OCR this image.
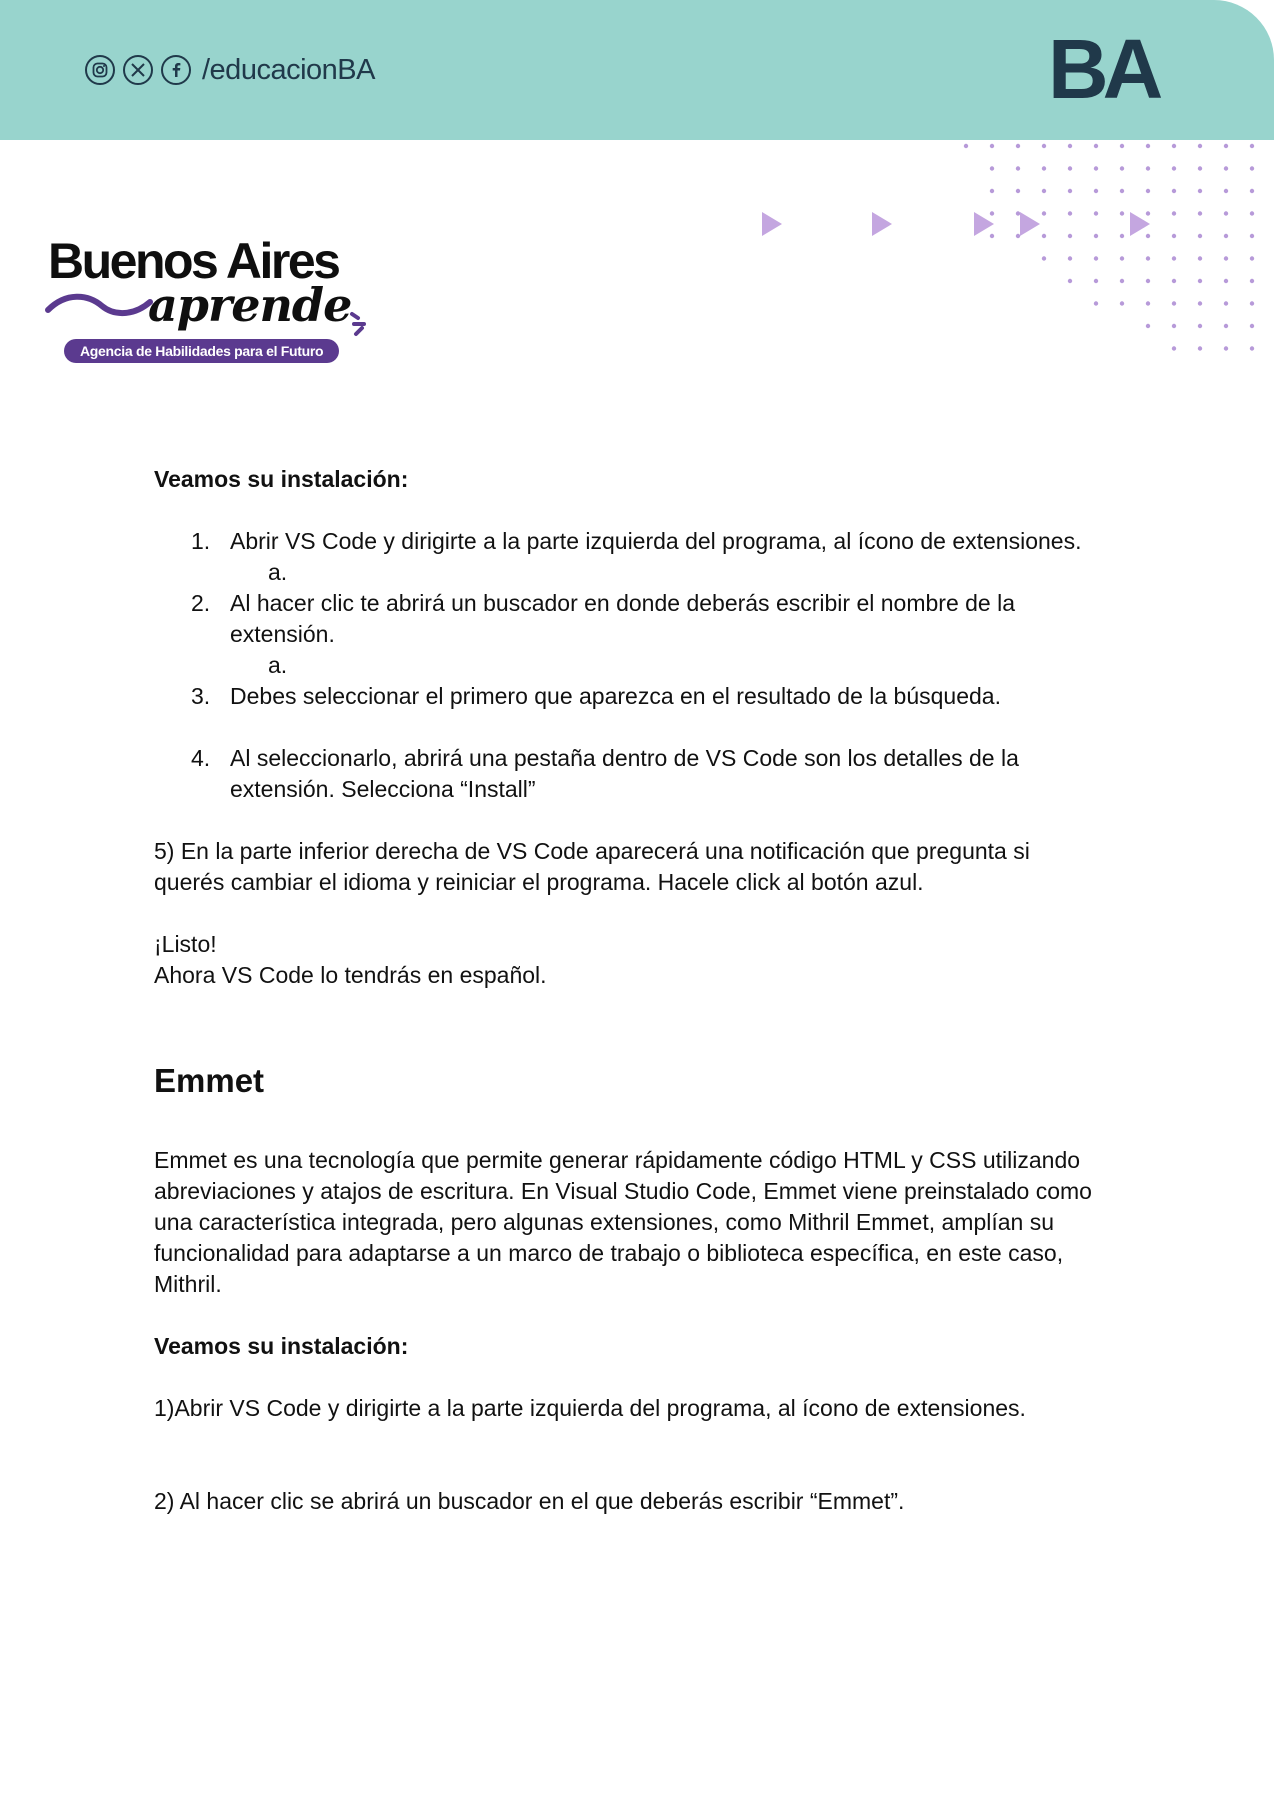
/educacionBA	BA
Buenos Aires
aprende
Agencia de Habilidades para el Futuro

Veamos su instalación:

1. Abrir VS Code y dirigirte a la parte izquierda del programa, al ícono de extensiones.
a.
2. Al hacer clic te abrirá un buscador en donde deberás escribir el nombre de la
extensión.
a.
3. Debes seleccionar el primero que aparezca en el resultado de la búsqueda.
4. Al seleccionarlo, abrirá una pestaña dentro de VS Code son los detalles de la
extensión. Selecciona “Install”

5) En la parte inferior derecha de VS Code aparecerá una notificación que pregunta si

querés cambiar el idioma y reiniciar el programa. Hacele click al botón azul.

¡Listo!

Ahora VS Code lo tendrás en español.

Emmet

Emmet es una tecnología que permite generar rápidamente código HTML y CSS utilizando

abreviaciones y atajos de escritura. En Visual Studio Code, Emmet viene preinstalado como

una característica integrada, pero algunas extensiones, como Mithril Emmet, amplían su

funcionalidad para adaptarse a un marco de trabajo o biblioteca específica, en este caso,

Mithril.

Veamos su instalación:

1)Abrir VS Code y dirigirte a la parte izquierda del programa, al ícono de extensiones.

2) Al hacer clic se abrirá un buscador en el que deberás escribir “Emmet”.
